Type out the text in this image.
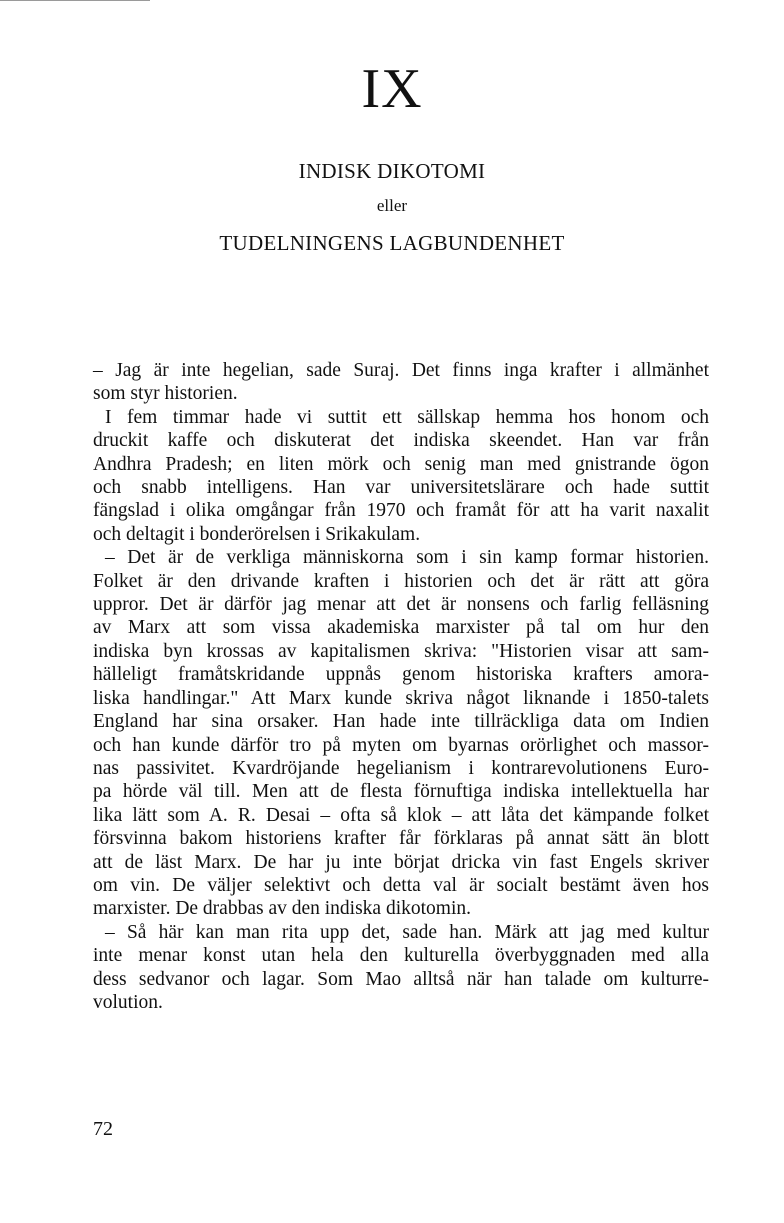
IX
INDISK DIKOTOMI
eller
TUDELNINGENS LAGBUNDENHET

– Jag är inte hegelian, sade Suraj. Det finns inga krafter i allmänhet
som styr historien.

I fem timmar hade vi suttit ett sällskap hemma hos honom och
druckit kaffe och diskuterat det indiska skeendet. Han var från
Andhra Pradesh; en liten mörk och senig man med gnistrande ögon
och snabb intelligens. Han var universitetslärare och hade suttit
fängslad i olika omgångar från 1970 och framåt för att ha varit naxalit
och deltagit i bonderörelsen i Srikakulam.

– Det är de verkliga människorna som i sin kamp formar historien.
Folket är den drivande kraften i historien och det är rätt att göra
uppror. Det är därför jag menar att det är nonsens och farlig felläsning
av Marx att som vissa akademiska marxister på tal om hur den
indiska byn krossas av kapitalismen skriva: "Historien visar att sam-
hälleligt framåtskridande uppnås genom historiska krafters amora-
liska handlingar." Att Marx kunde skriva något liknande i 1850-talets
England har sina orsaker. Han hade inte tillräckliga data om Indien
och han kunde därför tro på myten om byarnas orörlighet och massor-
nas passivitet. Kvardröjande hegelianism i kontrarevolutionens Euro-
pa hörde väl till. Men att de flesta förnuftiga indiska intellektuella har
lika lätt som A. R. Desai – ofta så klok – att låta det kämpande folket
försvinna bakom historiens krafter får förklaras på annat sätt än blott
att de läst Marx. De har ju inte börjat dricka vin fast Engels skriver
om vin. De väljer selektivt och detta val är socialt bestämt även hos
marxister. De drabbas av den indiska dikotomin.

– Så här kan man rita upp det, sade han. Märk att jag med kultur
inte menar konst utan hela den kulturella överbyggnaden med alla
dess sedvanor och lagar. Som Mao alltså när han talade om kulturre-
volution.

72
